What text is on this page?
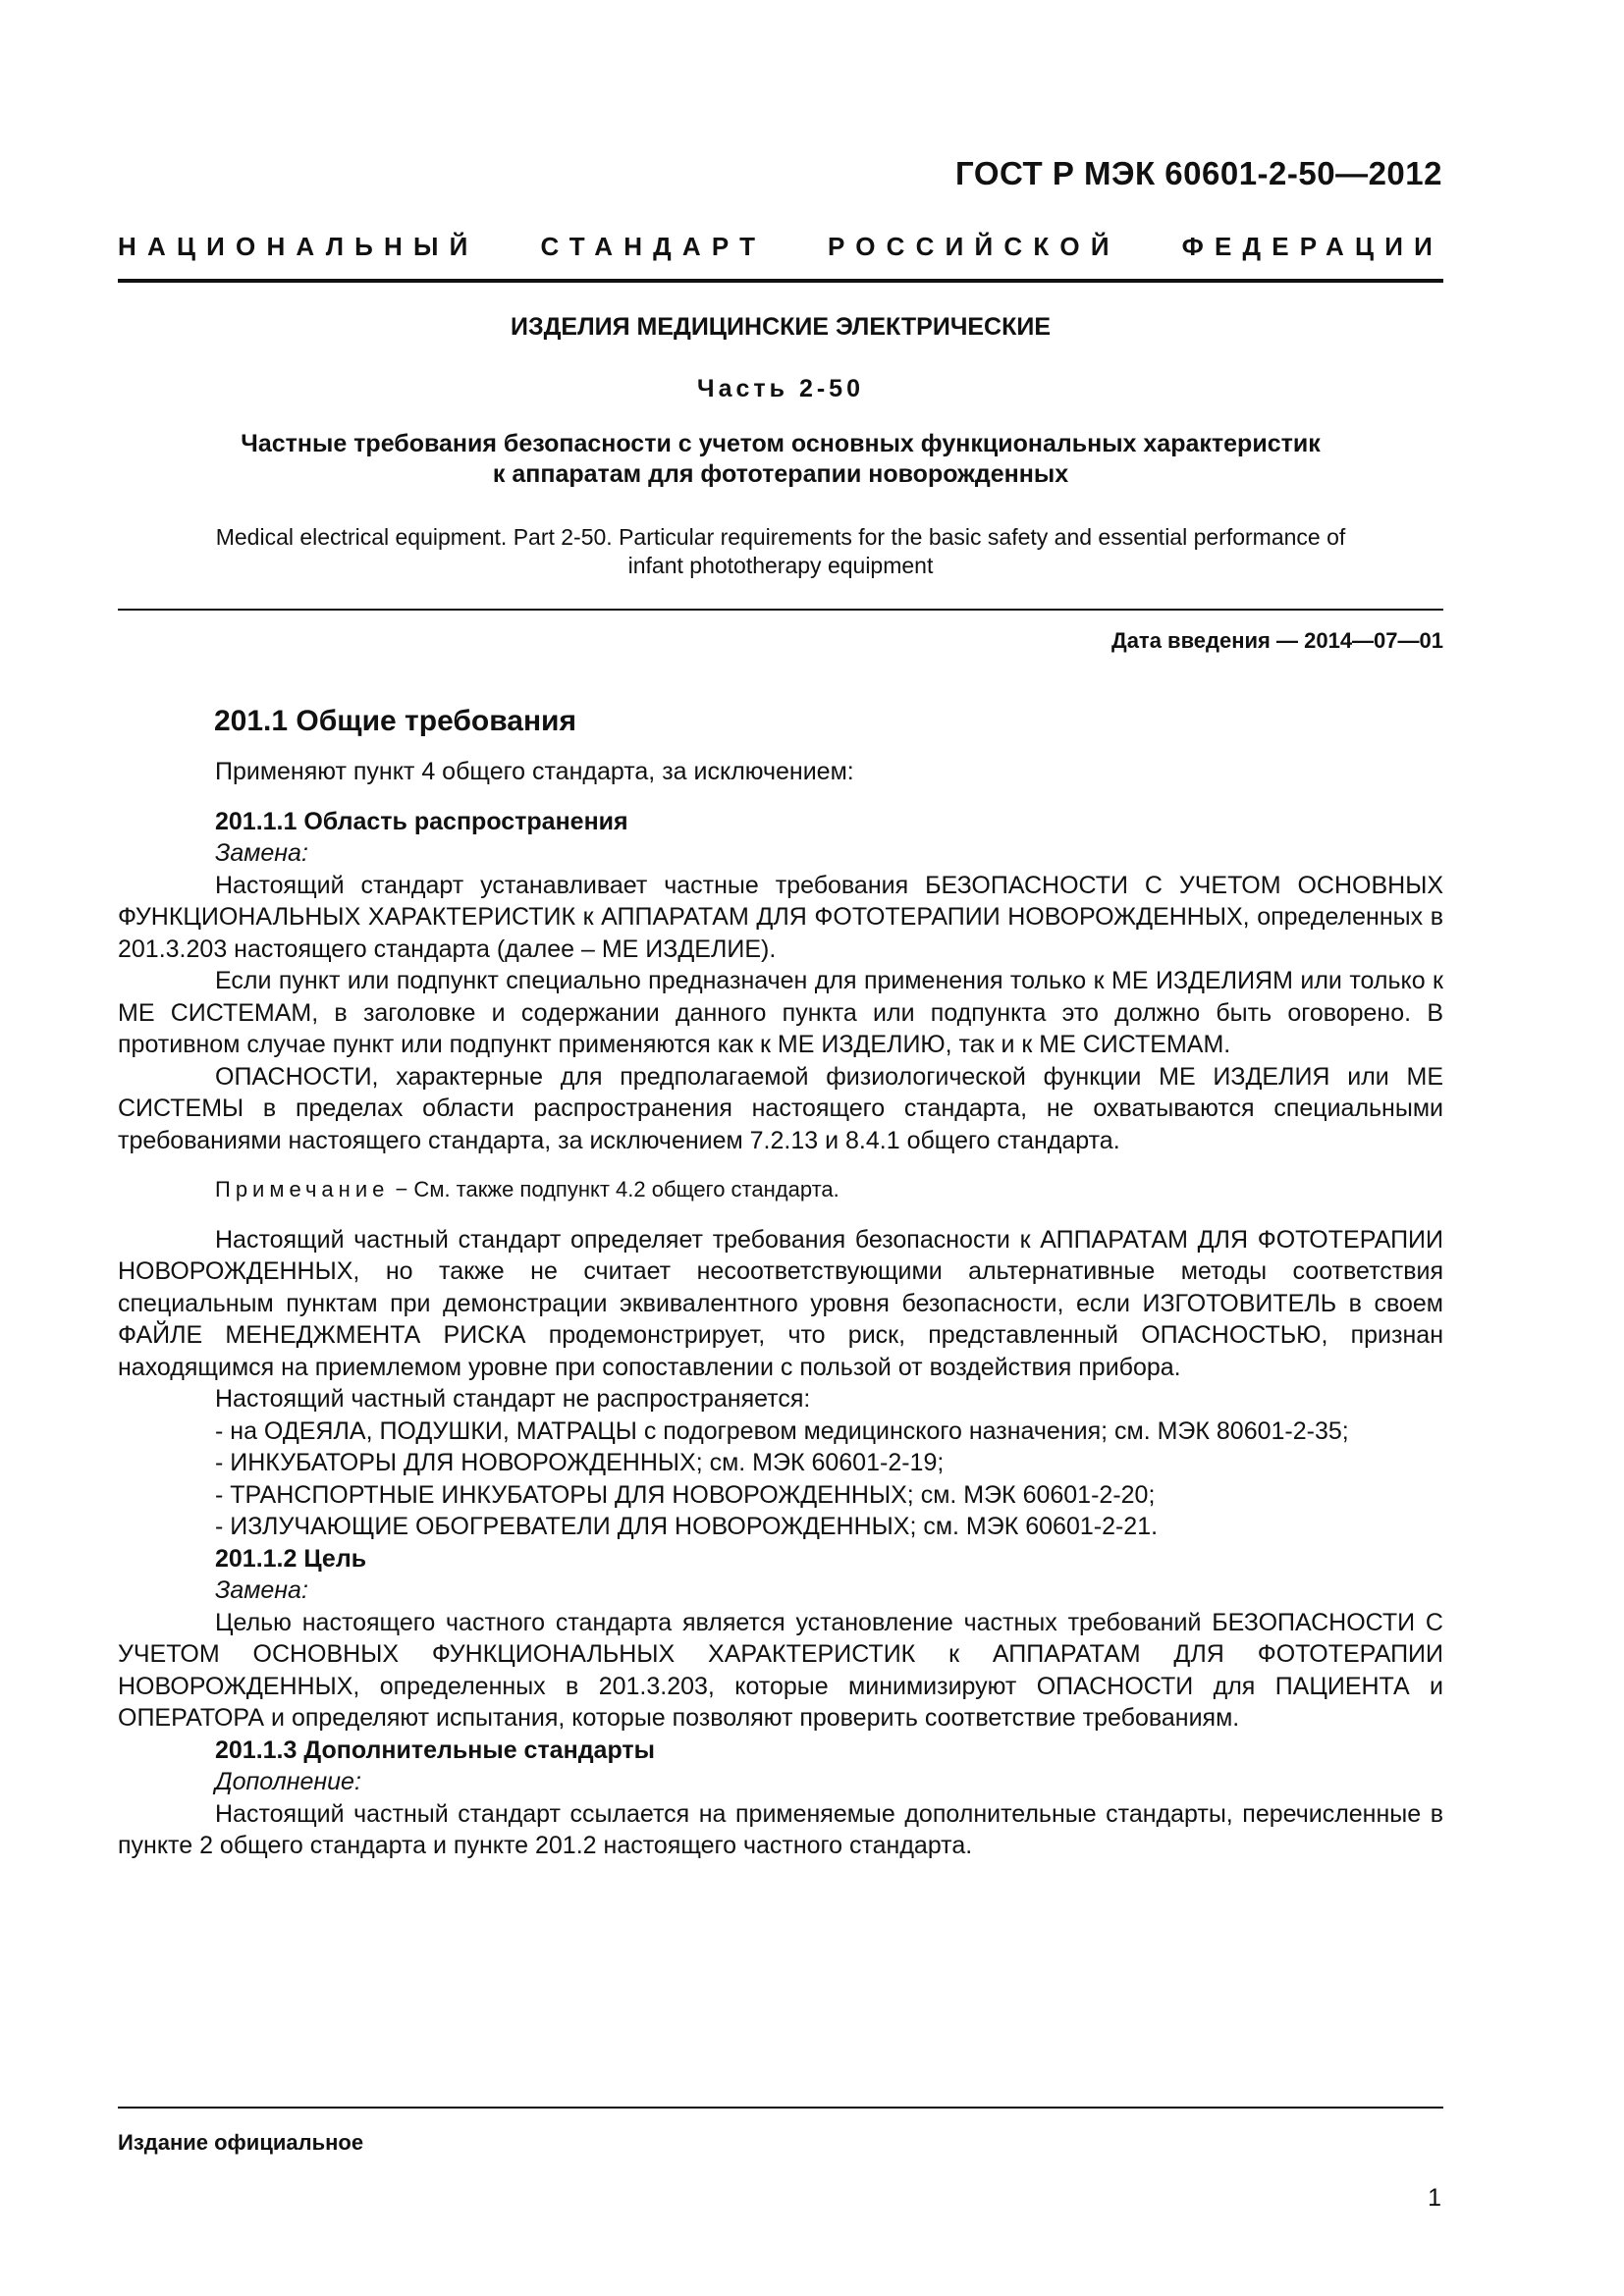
ГОСТ Р МЭК 60601-2-50—2012
НАЦИОНАЛЬНЫЙ СТАНДАРТ РОССИЙСКОЙ ФЕДЕРАЦИИ
ИЗДЕЛИЯ МЕДИЦИНСКИЕ ЭЛЕКТРИЧЕСКИЕ
Часть 2-50
Частные требования безопасности с учетом основных функциональных характеристик
к аппаратам для фототерапии новорожденных
Medical electrical equipment. Part 2-50. Particular requirements for the basic safety and essential performance of
infant phototherapy equipment
Дата введения — 2014—07—01
201.1 Общие требования

Применяют пункт 4 общего стандарта, за исключением:

201.1.1 Область распространения

Замена:

Настоящий стандарт устанавливает частные требования БЕЗОПАСНОСТИ С УЧЕТОМ ОСНОВНЫХ ФУНКЦИОНАЛЬНЫХ ХАРАКТЕРИСТИК к АППАРАТАМ ДЛЯ ФОТОТЕРАПИИ НОВОРОЖДЕННЫХ, определенных в 201.3.203 настоящего стандарта (далее – МЕ ИЗДЕЛИЕ).

Если пункт или подпункт специально предназначен для применения только к МЕ ИЗДЕЛИЯМ или только к МЕ СИСТЕМАМ, в заголовке и содержании данного пункта или подпункта это должно быть оговорено. В противном случае пункт или подпункт применяются как к МЕ ИЗДЕЛИЮ, так и к МЕ СИСТЕМАМ.

ОПАСНОСТИ, характерные для предполагаемой физиологической функции МЕ ИЗДЕЛИЯ или МЕ СИСТЕМЫ в пределах области распространения настоящего стандарта, не охватываются специальными требованиями настоящего стандарта, за исключением 7.2.13 и 8.4.1 общего стандарта.

Примечание − См. также подпункт 4.2 общего стандарта.

Настоящий частный стандарт определяет требования безопасности к АППАРАТАМ ДЛЯ ФОТОТЕРАПИИ НОВОРОЖДЕННЫХ, но также не считает несоответствующими альтернативные методы соответствия специальным пунктам при демонстрации эквивалентного уровня безопасности, если ИЗГОТОВИТЕЛЬ в своем ФАЙЛЕ МЕНЕДЖМЕНТА РИСКА продемонстрирует, что риск, представленный ОПАСНОСТЬЮ, признан находящимся на приемлемом уровне при сопоставлении с пользой от воздействия прибора.

Настоящий частный стандарт не распространяется:

- на ОДЕЯЛА, ПОДУШКИ, МАТРАЦЫ с подогревом медицинского назначения; см. МЭК 80601-2-35;

- ИНКУБАТОРЫ ДЛЯ НОВОРОЖДЕННЫХ; см. МЭК 60601-2-19;

- ТРАНСПОРТНЫЕ ИНКУБАТОРЫ ДЛЯ НОВОРОЖДЕННЫХ; см. МЭК 60601-2-20;

- ИЗЛУЧАЮЩИЕ ОБОГРЕВАТЕЛИ ДЛЯ НОВОРОЖДЕННЫХ; см. МЭК 60601-2-21.

201.1.2 Цель

Замена:

Целью настоящего частного стандарта является установление частных требований БЕЗОПАСНОСТИ С УЧЕТОМ ОСНОВНЫХ ФУНКЦИОНАЛЬНЫХ ХАРАКТЕРИСТИК к АППАРАТАМ ДЛЯ ФОТОТЕРАПИИ НОВОРОЖДЕННЫХ, определенных в 201.3.203, которые минимизируют ОПАСНОСТИ для ПАЦИЕНТА и ОПЕРАТОРА и определяют испытания, которые позволяют проверить соответствие требованиям.

201.1.3 Дополнительные стандарты

Дополнение:

Настоящий частный стандарт ссылается на применяемые дополнительные стандарты, перечисленные в пункте 2 общего стандарта и пункте 201.2 настоящего частного стандарта.

Издание официальное
1
